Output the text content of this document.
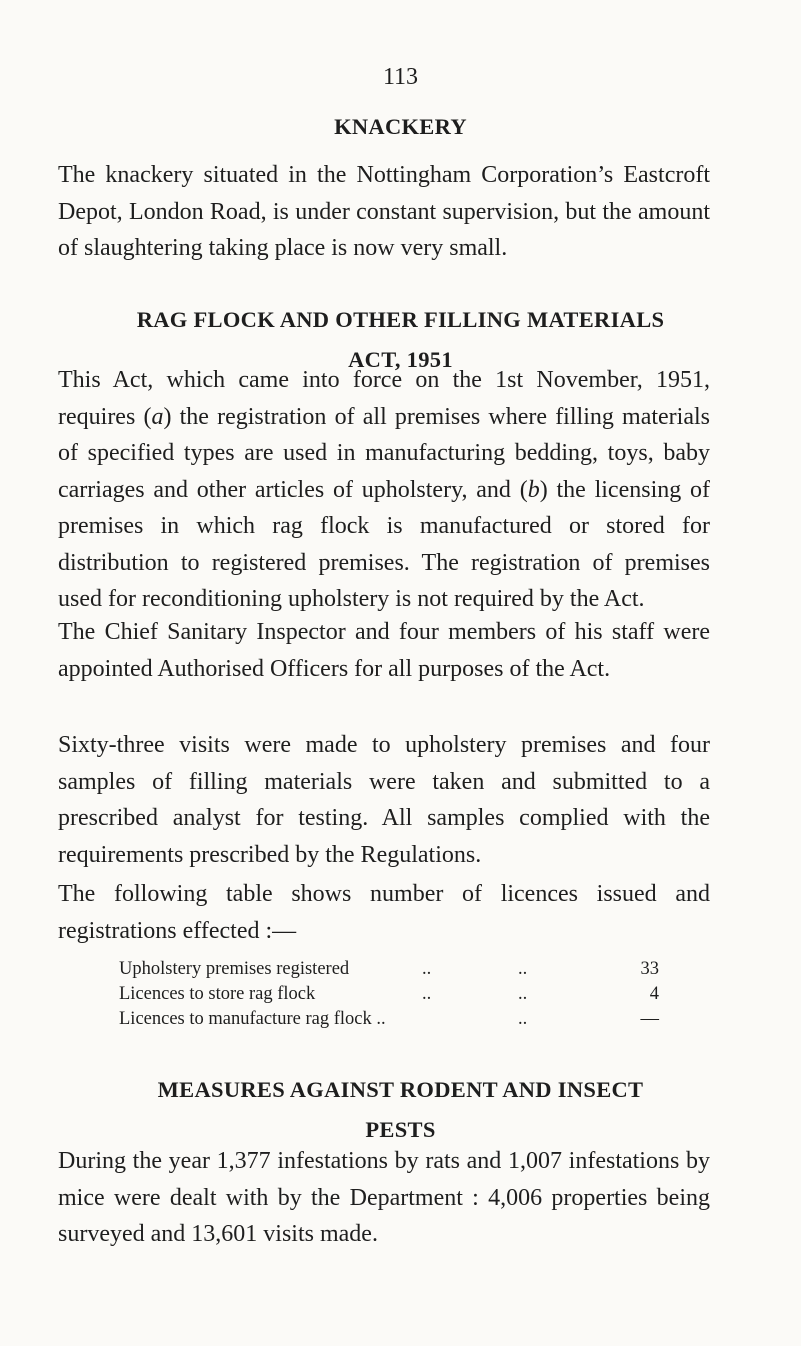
113
KNACKERY
The knackery situated in the Nottingham Corporation’s Eastcroft Depot, London Road, is under constant supervision, but the amount of slaughtering taking place is now very small.
RAG FLOCK AND OTHER FILLING MATERIALS
ACT, 1951
This Act, which came into force on the 1st November, 1951, requires (a) the registration of all premises where filling materials of specified types are used in manufacturing bedding, toys, baby carriages and other articles of upholstery, and (b) the licensing of premises in which rag flock is manufactured or stored for distribution to registered premises. The registration of premises used for reconditioning upholstery is not required by the Act.
The Chief Sanitary Inspector and four members of his staff were appointed Authorised Officers for all purposes of the Act.
Sixty-three visits were made to upholstery premises and four samples of filling materials were taken and submitted to a prescribed analyst for testing. All samples complied with the requirements prescribed by the Regulations.
The following table shows number of licences issued and registrations effected :—
Upholstery premises registered	..	..	33
Licences to store rag flock	..	..	4
Licences to manufacture rag flock ..	..	—
MEASURES AGAINST RODENT AND INSECT
PESTS
During the year 1,377 infestations by rats and 1,007 infestations by mice were dealt with by the Department : 4,006 properties being surveyed and 13,601 visits made.
